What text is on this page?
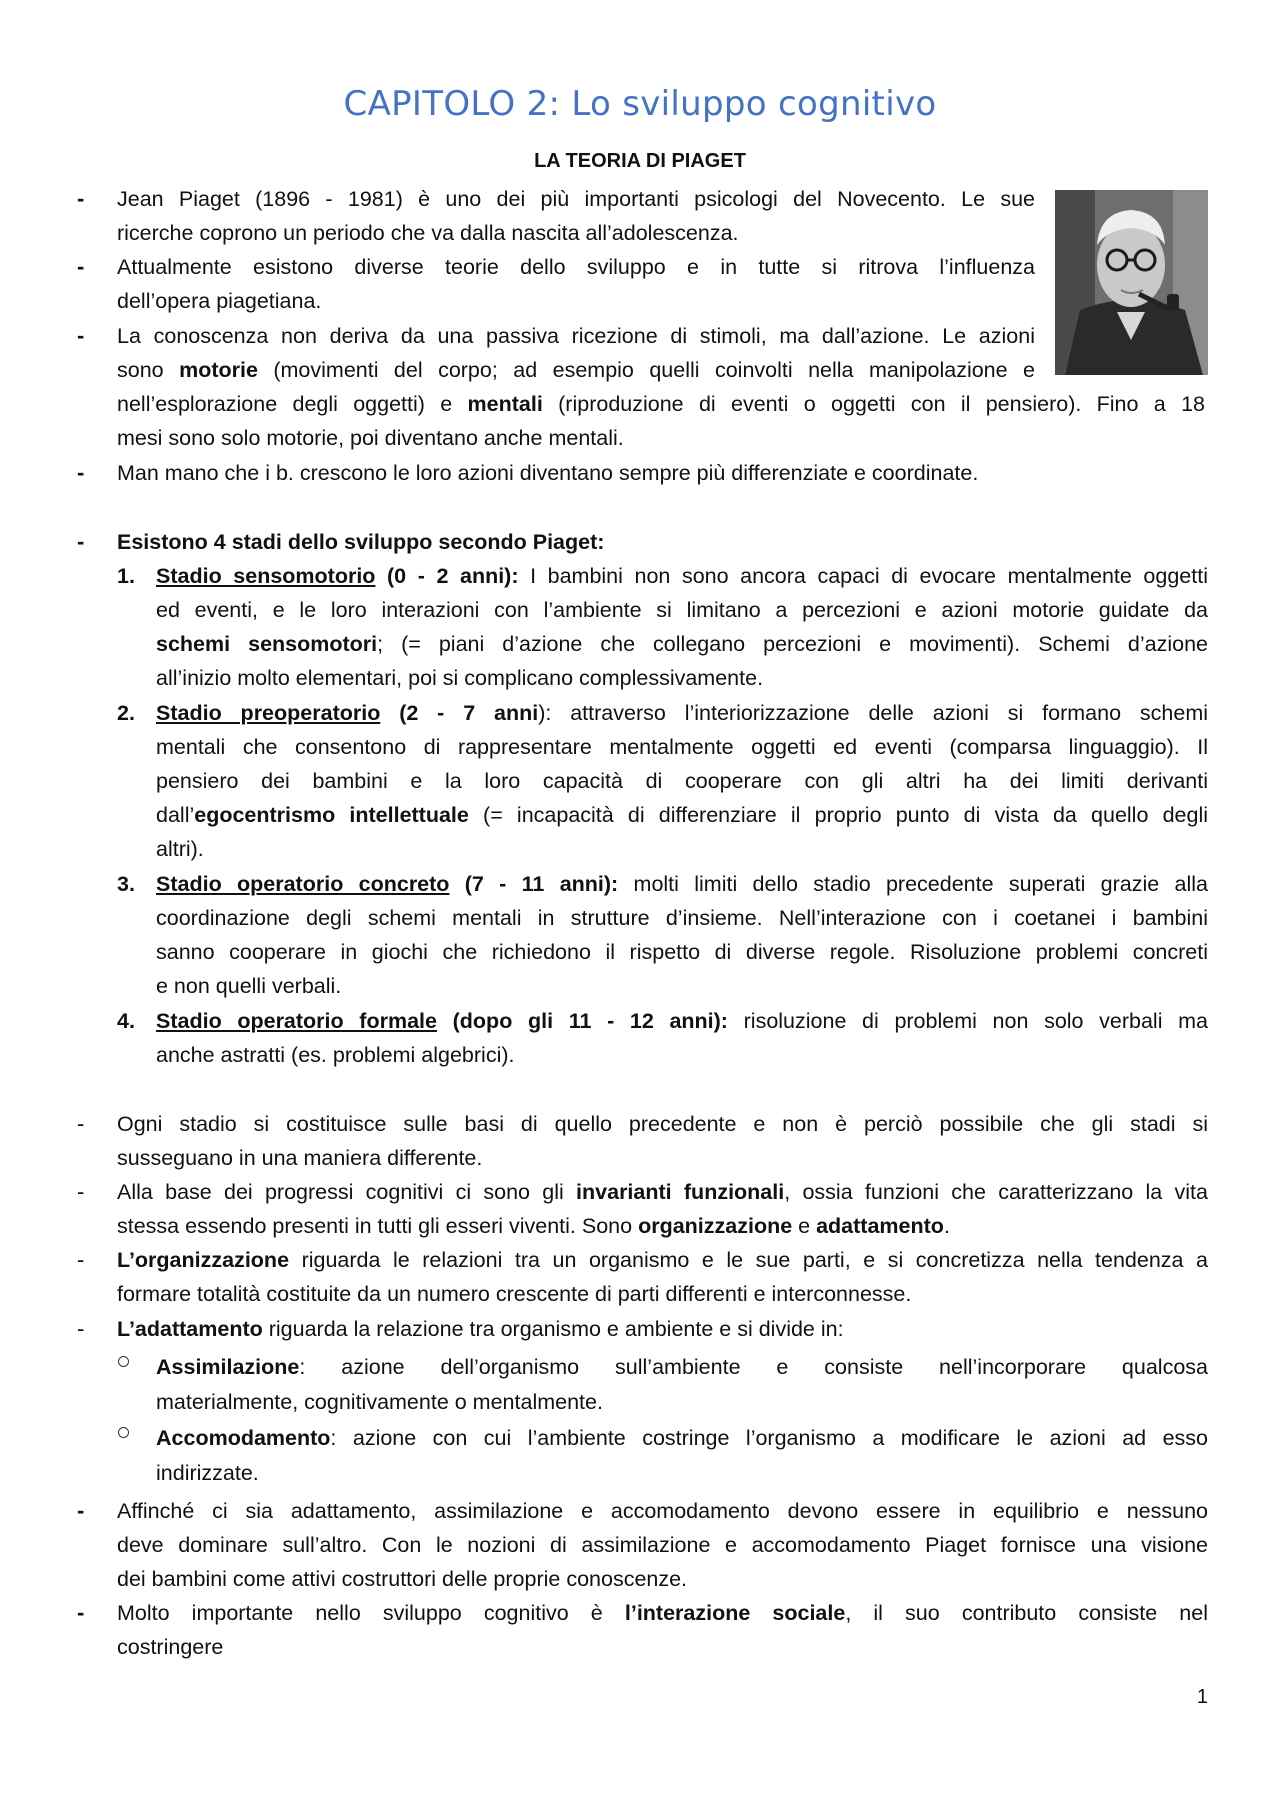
CAPITOLO 2: Lo sviluppo cognitivo
LA TEORIA DI PIAGET
- Jean Piaget (1896 - 1981) è uno dei più importanti psicologi del Novecento. Le sue
ricerche coprono un periodo che va dalla nascita all’adolescenza.
- Attualmente esistono diverse teorie dello sviluppo e in tutte si ritrova l’influenza
dell’opera piagetiana.
- La conoscenza non deriva da una passiva ricezione di stimoli, ma dall’azione. Le azioni
sono motorie (movimenti del corpo; ad esempio quelli coinvolti nella manipolazione e
nell’esplorazione degli oggetti) e mentali (riproduzione di eventi o oggetti con il pensiero). Fino a 18
mesi sono solo motorie, poi diventano anche mentali.
- Man mano che i b. crescono le loro azioni diventano sempre più differenziate e coordinate.
- Esistono 4 stadi dello sviluppo secondo Piaget:
1. Stadio sensomotorio (0 - 2 anni): I bambini non sono ancora capaci di evocare mentalmente oggetti
ed eventi, e le loro interazioni con l’ambiente si limitano a percezioni e azioni motorie guidate da
schemi sensomotori; (= piani d’azione che collegano percezioni e movimenti). Schemi d’azione
all’inizio molto elementari, poi si complicano complessivamente.
2. Stadio preoperatorio (2 - 7 anni): attraverso l’interiorizzazione delle azioni si formano schemi
mentali che consentono di rappresentare mentalmente oggetti ed eventi (comparsa linguaggio). Il
pensiero dei bambini e la loro capacità di cooperare con gli altri ha dei limiti derivanti
dall’egocentrismo intellettuale (= incapacità di differenziare il proprio punto di vista da quello degli
altri).
3. Stadio operatorio concreto (7 - 11 anni): molti limiti dello stadio precedente superati grazie alla
coordinazione degli schemi mentali in strutture d’insieme. Nell’interazione con i coetanei i bambini
sanno cooperare in giochi che richiedono il rispetto di diverse regole. Risoluzione problemi concreti
e non quelli verbali.
4. Stadio operatorio formale (dopo gli 11 - 12 anni): risoluzione di problemi non solo verbali ma
anche astratti (es. problemi algebrici).
- Ogni stadio si costituisce sulle basi di quello precedente e non è perciò possibile che gli stadi si
susseguano in una maniera differente.
- Alla base dei progressi cognitivi ci sono gli invarianti funzionali, ossia funzioni che caratterizzano la vita
stessa essendo presenti in tutti gli esseri viventi. Sono organizzazione e adattamento.
- L’organizzazione riguarda le relazioni tra un organismo e le sue parti, e si concretizza nella tendenza a
formare totalità costituite da un numero crescente di parti differenti e interconnesse.
- L’adattamento riguarda la relazione tra organismo e ambiente e si divide in:
Assimilazione: azione dell’organismo sull’ambiente e consiste nell’incorporare qualcosa
materialmente, cognitivamente o mentalmente.
Accomodamento: azione con cui l’ambiente costringe l’organismo a modificare le azioni ad esso
indirizzate.
- Affinché ci sia adattamento, assimilazione e accomodamento devono essere in equilibrio e nessuno
deve dominare sull’altro. Con le nozioni di assimilazione e accomodamento Piaget fornisce una visione
dei bambini come attivi costruttori delle proprie conoscenze.
- Molto importante nello sviluppo cognitivo è l’interazione sociale, il suo contributo consiste nel
costringere
1
